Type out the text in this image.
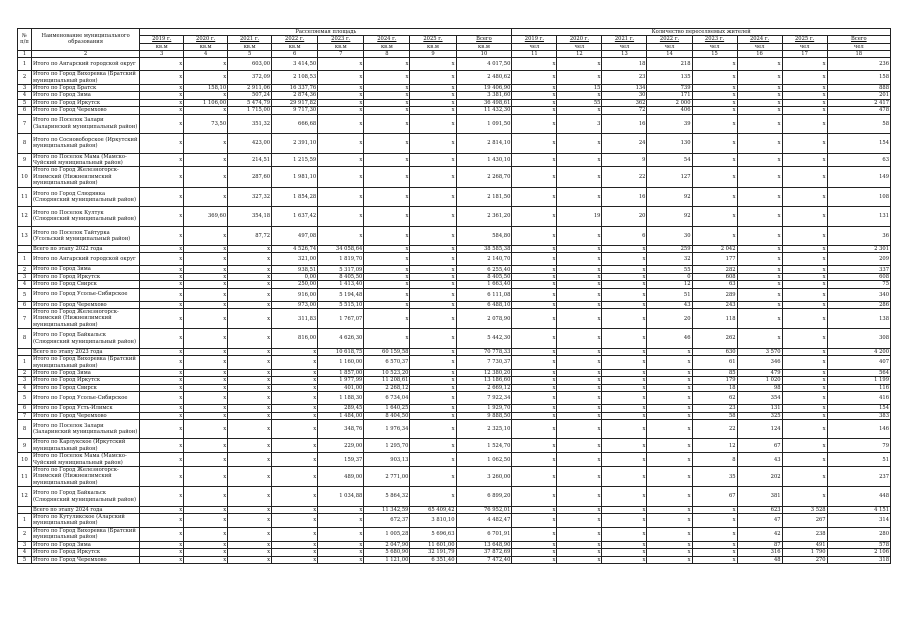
№
п/п	Наименование муниципального образования	Расселяемая площадь								Количество переселяемых жителей							
		2019 г.	2020 г.	2021 г.	2022 г.	2023 г.	2024 г.	2025 г.	Всего	2019 г.	2020 г.	2021 г.	2022 г.	2023 г.	2024 г.	2025 г.	Всего
		кв.м	кв.м	кв.м	кв.м	кв.м	кв.м	кв.м	кв.м	чел	чел	чел	чел	чел	чел	чел	чел
1	2	3	4	5	6	7	8	9	10	11	12	13	14	15	16	17	18
1	Итого по Ангарский городской округ	x	x	603,00	3 414,50	x	x	x	4 017,50	x	x	18	218	x	x	x	236
2	Итого по Город Вихоревка (Братский муниципальный район)	x	x	372,09	2 108,53	x	x	x	2 480,62	x	x	23	135	x	x	x	158
3	Итого по Город Братск	x	158,10	2 911,06	16 337,76	x	x	x	19 406,90	x	15	134	739	x	x	x	888
4	Итого по Город Зима	x	x	507,24	2 874,36	x	x	x	3 381,60	x	x	30	171	x	x	x	201
5	Итого по Город Иркутск	x	1 106,00	5 474,79	29 917,82	x	x	x	36 498,61	x	55	362	2 000	x	x	x	2 417
6	Итого по Город Черемхово	x	x	1 715,00	9 717,30	x	x	x	11 432,30	x	x	72	406	x	x	x	478
7	Итого по Поселок Залари (Заларинский муниципальный район)	x	73,50	351,32	666,68	x	x	x	1 091,50	x	3	16	39	x	x	x	58
8	Итого по Сосновоборское (Иркутский муниципальный район)	x	x	423,00	2 391,10	x	x	x	2 814,10	x	x	24	130	x	x	x	154
9	Итого по Поселок Мама (Мамско-Чуйский муниципальный район)	x	x	214,51	1 215,59	x	x	x	1 430,10	x	x	9	54	x	x	x	63
10	Итого по Город Железногорск-Илимский (Нижнеилимский муниципальный район)	x	x	287,60	1 981,10	x	x	x	2 268,70	x	x	22	127	x	x	x	149
11	Итого по Город Слюдянка (Слюдянский муниципальный район)	x	x	327,32	1 854,28	x	x	x	2 181,50	x	x	16	92	x	x	x	108
12	Итого по Поселок Култук (Слюдянский муниципальный район)	x	369,60	354,18	1 637,42	x	x	x	2 361,20	x	19	20	92	x	x	x	131
13	Итого по Поселок Тайтурка (Усольский муниципальный район)	x	x	87,72	497,08	x	x	x	584,80	x	x	6	30	x	x	x	36
	Всего по этапу 2022 года	x	x	x	4 526,74	34 058,64	x	x	38 585,38	x	x	x	259	2 042	x	x	2 301
1	Итого по Ангарский городской округ	x	x	x	321,00	1 819,70	x	x	2 140,70	x	x	x	32	177	x	x	209
2	Итого по Город Зима	x	x	x	938,51	5 317,09	x	x	6 255,40	x	x	x	55	282	x	x	337
3	Итого по Город Иркутск	x	x	x	0,00	8 405,50	x	x	8 405,50	x	x	x	0	608	x	x	608
4	Итого по Город Свирск	x	x	x	250,00	1 413,40	x	x	1 663,40	x	x	x	12	63	x	x	75
5	Итого по Город Усолье-Сибирское	x	x	x	916,00	5 194,48	x	x	6 111,08	x	x	x	51	289	x	x	340
6	Итого по Город Черемхово	x	x	x	973,00	5 515,10	x	x	6 488,10	x	x	x	43	243	x	x	286
7	Итого по Город Железногорск-Илимский (Нижнеилимский муниципальный район)	x	x	x	311,83	1 767,07	x	x	2 078,90	x	x	x	20	118	x	x	138
8	Итого по Город Байкальск (Слюдянский муниципальный район)	x	x	x	816,00	4 626,30	x	x	5 442,30	x	x	x	46	262	x	x	308
	Всего по этапу 2023 года	x	x	x	x	10 618,75	60 159,58	x	70 778,33	x	x	x	x	630	3 570	x	4 200
1	Итого по Город Вихоревка (Братский муниципальный район)	x	x	x	x	1 160,00	6 570,37	x	7 730,37	x	x	x	x	61	346	x	407
2	Итого по Город Зима	x	x	x	x	1 857,00	10 523,20	x	12 380,20	x	x	x	x	85	479	x	564
3	Итого по Город Иркутск	x	x	x	x	1 977,99	11 208,61	x	13 186,60	x	x	x	x	179	1 020	x	1 199
4	Итого по Город Свирск	x	x	x	x	401,00	2 268,12	x	2 669,12	x	x	x	x	18	98	x	116
5	Итого по Город Усолье-Сибирское	x	x	x	x	1 188,30	6 734,04	x	7 922,34	x	x	x	x	62	354	x	416
6	Итого по Город Усть-Илимск	x	x	x	x	289,45	1 640,25	x	1 929,70	x	x	x	x	23	131	x	154
7	Итого по Город Черемхово	x	x	x	x	1 484,00	8 404,50	x	9 888,50	x	x	x	x	58	325	x	383
8	Итого по Поселок Залари (Заларинский муниципальный район)	x	x	x	x	348,76	1 976,34	x	2 325,10	x	x	x	x	22	124	x	146
9	Итого по Карлукское (Иркутский муниципальный район)	x	x	x	x	229,00	1 295,70	x	1 524,70	x	x	x	x	12	67	x	79
10	Итого по Поселок Мама (Мамско-Чуйский муниципальный район)	x	x	x	x	159,37	903,13	x	1 062,50	x	x	x	x	8	43	x	51
11	Итого по Город Железногорск-Илимский (Нижнеилимский муниципальный район)	x	x	x	x	489,00	2 771,00	x	3 260,00	x	x	x	x	35	202	x	237
12	Итого по Город Байкальск (Слюдянский муниципальный район)	x	x	x	x	1 034,88	5 864,32	x	6 899,20	x	x	x	x	67	381	x	448
	Всего по этапу 2024 года	x	x	x	x	x	11 342,59	65 409,42	76 952,01	x	x	x	x	x	623	3 528	4 151
1	Итого по Кутуликское (Аларский муниципальный район)	x	x	x	x	x	672,37	3 810,10	4 482,47	x	x	x	x	x	47	267	314
2	Итого по Город Вихоревка (Братский муниципальный район)	x	x	x	x	x	1 005,28	5 696,63	6 701,91	x	x	x	x	x	42	238	280
3	Итого по Город Зима	x	x	x	x	x	2 047,90	11 601,00	13 648,90	x	x	x	x	x	87	491	578
4	Итого по Город Иркутск	x	x	x	x	x	5 680,90	32 191,79	37 872,69	x	x	x	x	x	316	1 790	2 106
5	Итого по Город Черемхово	x	x	x	x	x	1 121,00	6 351,40	7 472,40	x	x	x	x	x	48	270	318
